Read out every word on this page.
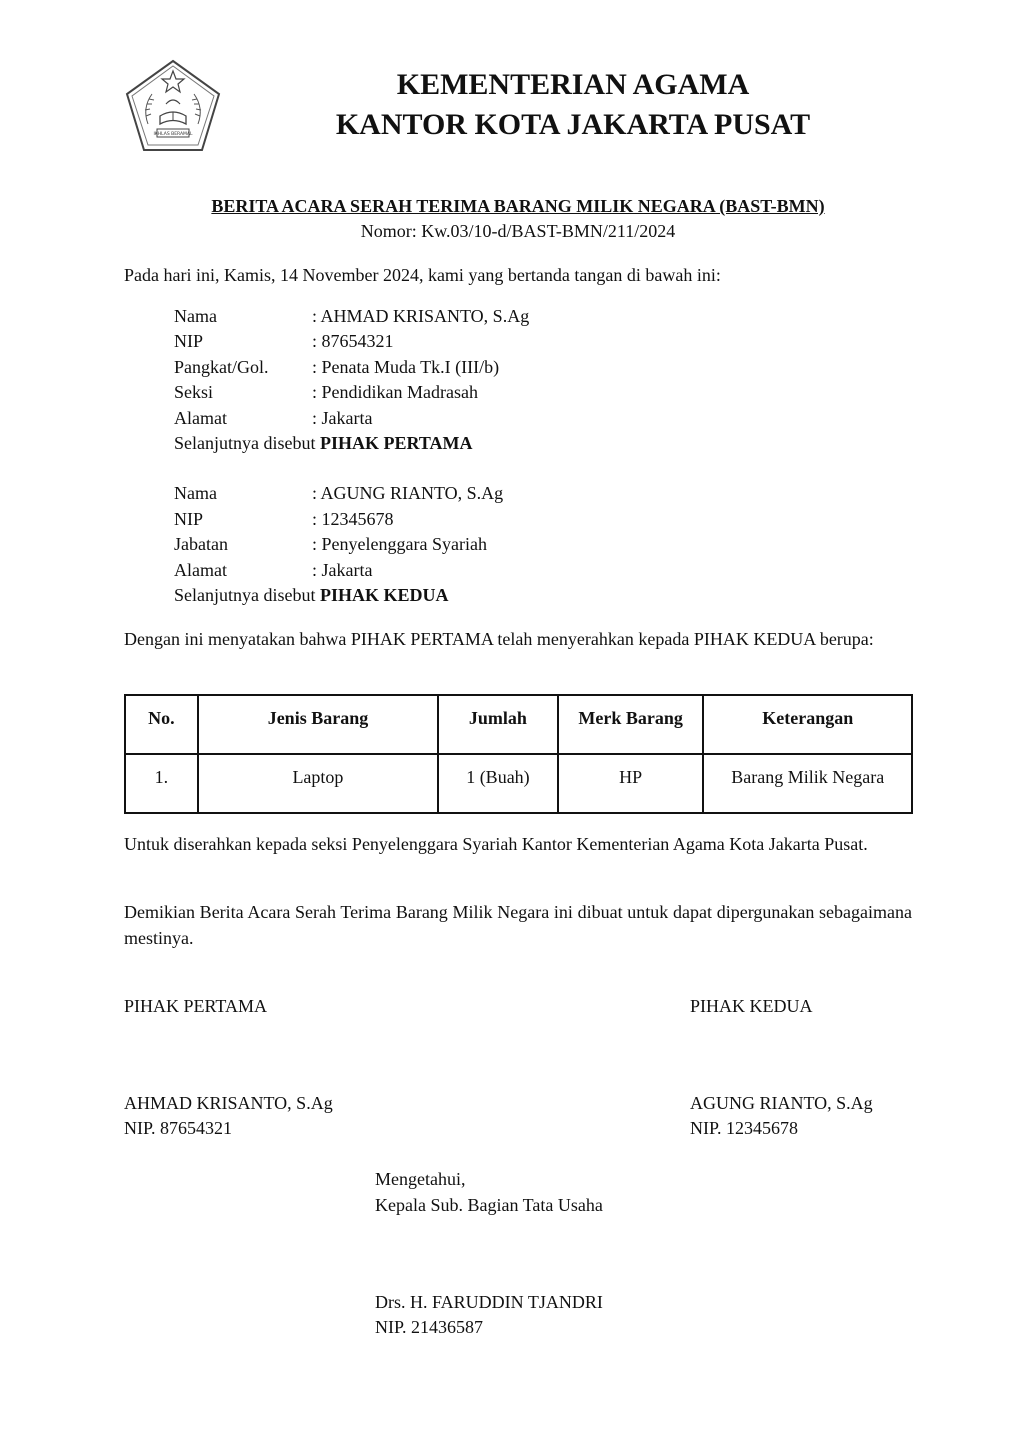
IKHLAS BERAMAL
KEMENTERIAN AGAMA
KANTOR KOTA JAKARTA PUSAT
BERITA ACARA SERAH TERIMA BARANG MILIK NEGARA (BAST-BMN)
Nomor: Kw.03/10-d/BAST-BMN/211/2024
Pada hari ini, Kamis, 14 November 2024, kami yang bertanda tangan di bawah ini:
Nama	: AHMAD KRISANTO, S.Ag
NIP	: 87654321
Pangkat/Gol. : Penata Muda Tk.I (III/b)
Seksi	: Pendidikan Madrasah
Alamat	: Jakarta
Selanjutnya disebut PIHAK PERTAMA
Nama	: AGUNG RIANTO, S.Ag
NIP	: 12345678
Jabatan	: Penyelenggara Syariah
Alamat	: Jakarta
Selanjutnya disebut PIHAK KEDUA
Dengan ini menyatakan bahwa PIHAK PERTAMA telah menyerahkan kepada PIHAK KEDUA berupa:
No.	Jenis Barang	Jumlah	Merk Barang	Keterangan
1.	Laptop	1 (Buah)	HP	Barang Milik Negara
Untuk diserahkan kepada seksi Penyelenggara Syariah Kantor Kementerian Agama Kota Jakarta Pusat.
Demikian Berita Acara Serah Terima Barang Milik Negara ini dibuat untuk dapat dipergunakan sebagaimana mestinya.
PIHAK PERTAMA	PIHAK KEDUA
AHMAD KRISANTO, S.Ag
NIP. 87654321
AGUNG RIANTO, S.Ag
NIP. 12345678
Mengetahui,
Kepala Sub. Bagian Tata Usaha
Drs. H. FARUDDIN TJANDRI
NIP. 21436587
